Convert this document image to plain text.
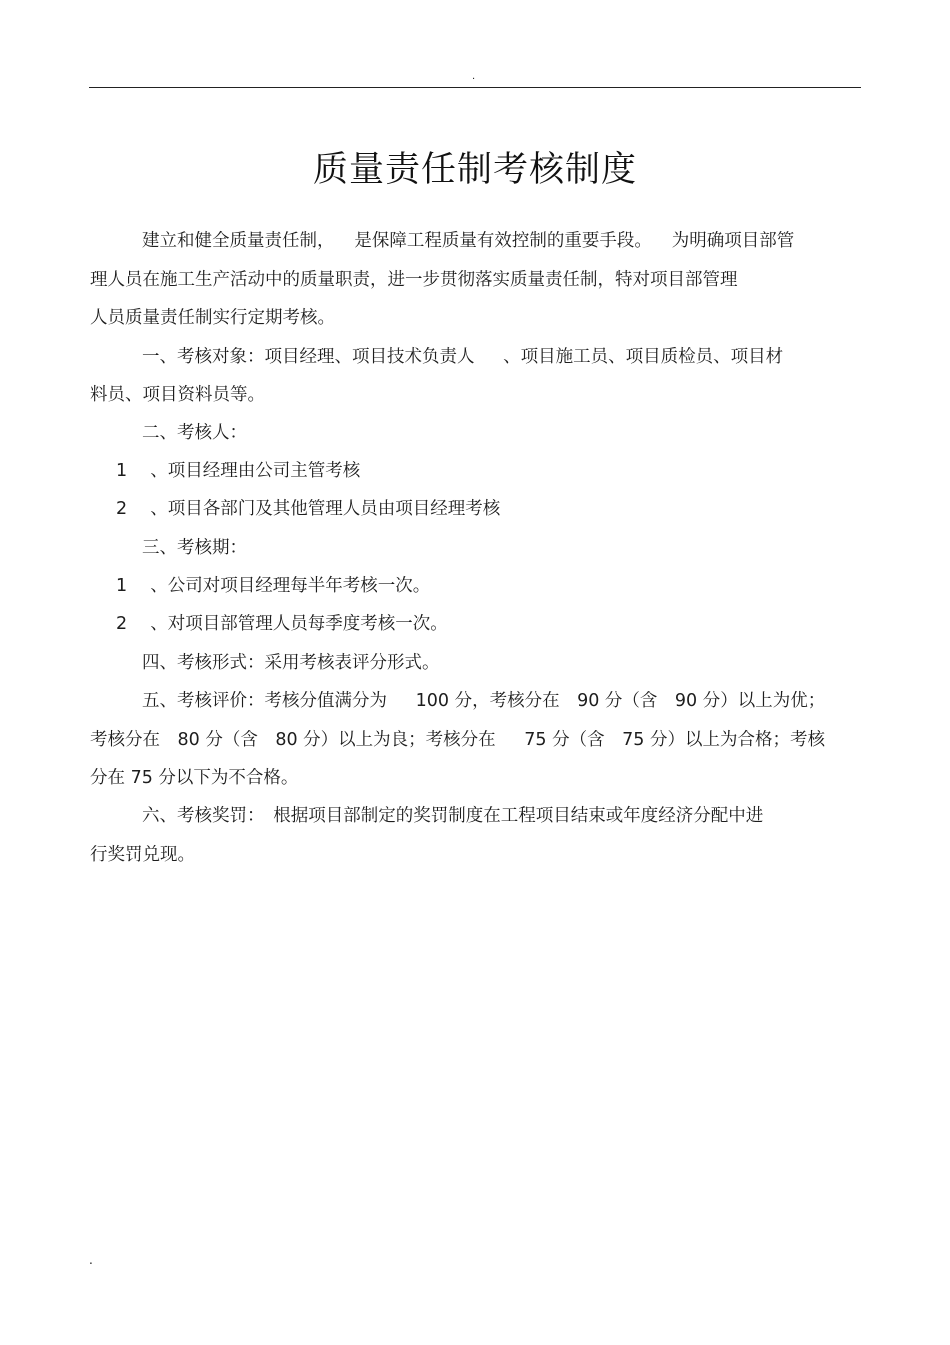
.
质量责任制考核制度
建立和健全质量责任制，　  是保障工程质量有效控制的重要手段。　  为明确项目部管
理人员在施工生产活动中的质量职责，进一步贯彻落实质量责任制，特对项目部管理
人员质量责任制实行定期考核。
一、考核对象：项目经理、项目技术负责人　  、项目施工员、项目质检员、项目材
料员、项目资料员等。
二、考核人：
1　 、项目经理由公司主管考核
2　 、项目各部门及其他管理人员由项目经理考核
三、考核期：
1　 、公司对项目经理每半年考核一次。
2　 、对项目部管理人员每季度考核一次。
四、考核形式：采用考核表评分形式。
五、考核评价：考核分值满分为　  100 分，考核分在　90 分（含　90 分）以上为优；
考核分在　80 分（含　80 分）以上为良；考核分在　  75 分（含　75 分）以上为合格；考核
分在 75 分以下为不合格。
六、考核奖罚：　根据项目部制定的奖罚制度在工程项目结束或年度经济分配中进
行奖罚兑现。
.
